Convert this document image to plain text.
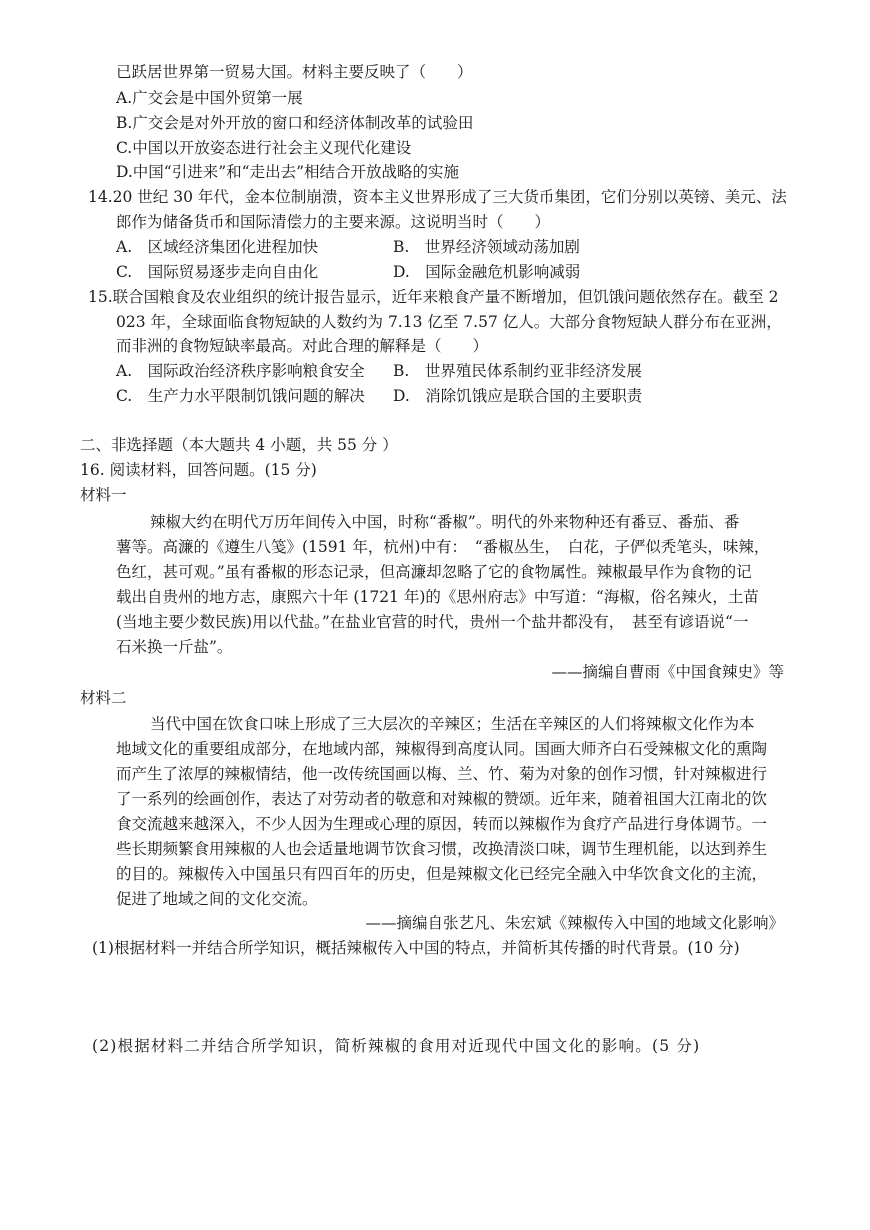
已跃居世界第一贸易大国。材料主要反映了（　　）
A.广交会是中国外贸第一展
B.广交会是对外开放的窗口和经济体制改革的试验田
C.中国以开放姿态进行社会主义现代化建设
D.中国“引进来”和“走出去”相结合开放战略的实施
14.20 世纪 30 年代，金本位制崩溃，资本主义世界形成了三大货币集团，它们分别以英镑、美元、法
郎作为储备货币和国际清偿力的主要来源。这说明当时（　　）
A.　区域经济集团化进程加快	B.　世界经济领域动荡加剧
C.　国际贸易逐步走向自由化	D.　国际金融危机影响减弱
15.联合国粮食及农业组织的统计报告显示，近年来粮食产量不断增加，但饥饿问题依然存在。截至 2
023 年，全球面临食物短缺的人数约为 7.13 亿至 7.57 亿人。大部分食物短缺人群分布在亚洲，
而非洲的食物短缺率最高。对此合理的解释是（　　）
A.　国际政治经济秩序影响粮食安全 B.　世界殖民体系制约亚非经济发展
C.　生产力水平限制饥饿问题的解决 D.　消除饥饿应是联合国的主要职责
二、非选择题（本大题共 4 小题，共 55 分 ）
16. 阅读材料，回答问题。(15 分)
材料一
辣椒大约在明代万历年间传入中国，时称“番椒”。明代的外来物种还有番豆、番茄、番
薯等。高濂的《遵生八笺》(1591 年，杭州)中有：　“番椒丛生，　白花，子俨似秃笔头，味辣，
色红，甚可观。”虽有番椒的形态记录，但高濂却忽略了它的食物属性。辣椒最早作为食物的记
载出自贵州的地方志，康熙六十年 (1721 年)的《思州府志》中写道：“海椒，俗名辣火，土苗
(当地主要少数民族)用以代盐。”在盐业官营的时代，贵州一个盐井都没有，　甚至有谚语说“一
石米换一斤盐”。
——摘编自曹雨《中国食辣史》等
材料二
当代中国在饮食口味上形成了三大层次的辛辣区；生活在辛辣区的人们将辣椒文化作为本
地域文化的重要组成部分，在地域内部，辣椒得到高度认同。国画大师齐白石受辣椒文化的熏陶
而产生了浓厚的辣椒情结，他一改传统国画以梅、兰、竹、菊为对象的创作习惯，针对辣椒进行
了一系列的绘画创作，表达了对劳动者的敬意和对辣椒的赞颂。近年来，随着祖国大江南北的饮
食交流越来越深入，不少人因为生理或心理的原因，转而以辣椒作为食疗产品进行身体调节。一
些长期频繁食用辣椒的人也会适量地调节饮食习惯，改换清淡口味，调节生理机能，以达到养生
的目的。辣椒传入中国虽只有四百年的历史，但是辣椒文化已经完全融入中华饮食文化的主流，
促进了地域之间的文化交流。
——摘编自张艺凡、朱宏斌《辣椒传入中国的地域文化影响》
(1)根据材料一并结合所学知识，概括辣椒传入中国的特点，并简析其传播的时代背景。(10 分)
(2)根据材料二并结合所学知识，简析辣椒的食用对近现代中国文化的影响。(5 分)
